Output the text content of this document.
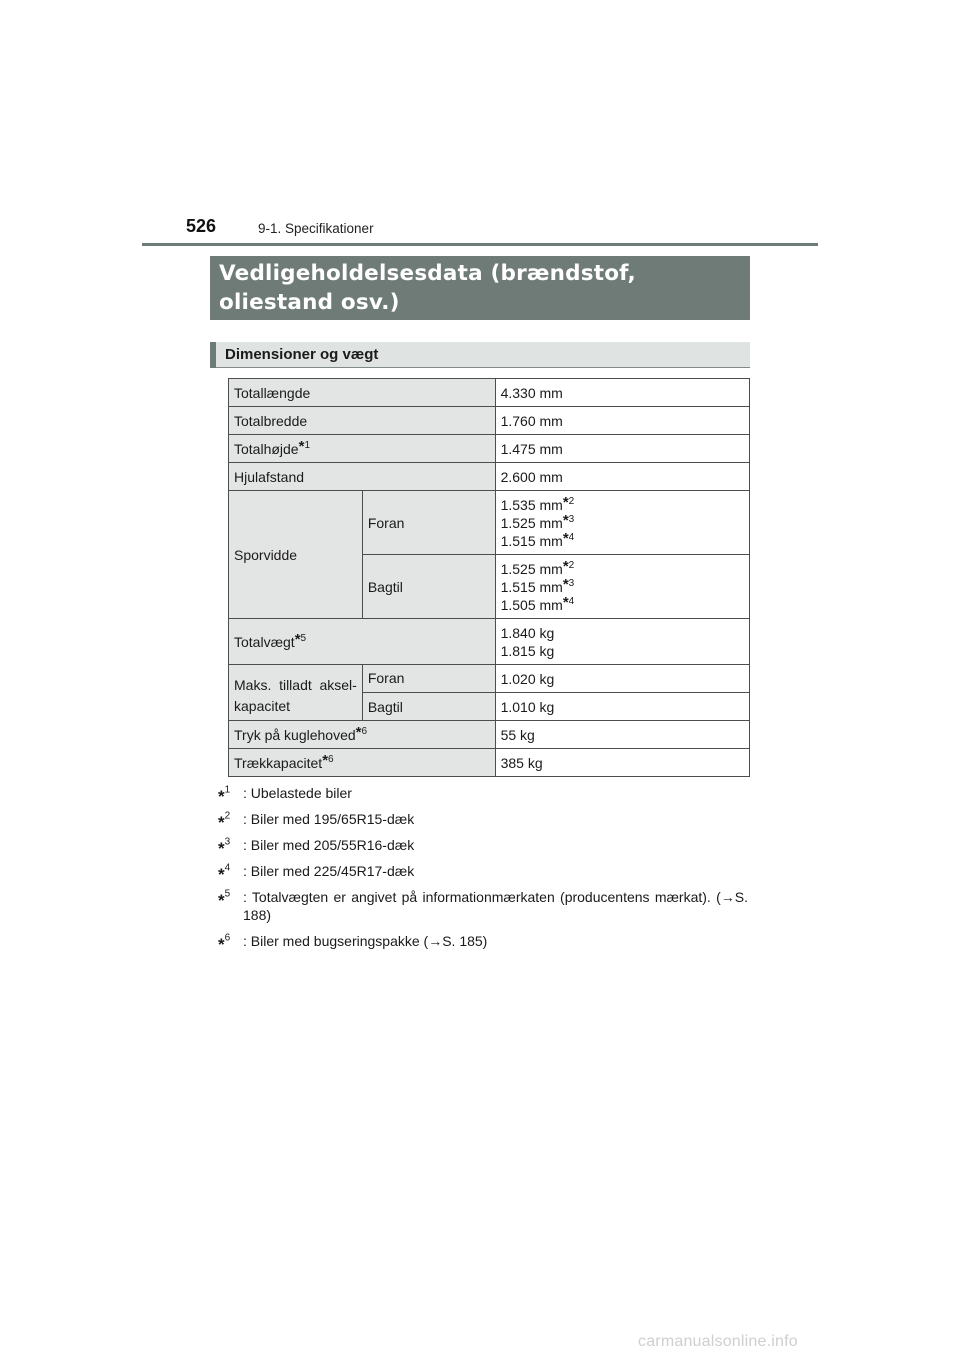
526	9-1. Specifikationer
Vedligeholdelsesdata (brændstof, oliestand osv.)
Dimensioner og vægt
Totallængde		4.330 mm
Totalbredde		1.760 mm
Totalhøjde$^{*1}$		1.475 mm
Hjulafstand		2.600 mm
Sporvidde	Foran	1.535 $mm^{*2}$
1.525 $mm^{*3}$
1.515 $mm^{*4}$

	Bagtil	1.525 $mm^{*2}$
1.515 $mm^{*3}$
1.505 $mm^{*4}$

Totalvægt$^{*5}$		1.840 kg
1.815 kg

Maks. tilladt aksel-
kapacitet	Foran	1.020 kg
	Bagtil	1.010 kg
Tryk på kuglehoved$^{*6}$		55 kg
Trækkapacitet$^{*6}$		385 kg
*$^1$ : Ubelastede biler
*$^2$ : Biler med 195/65R15-dæk
*$^3$ : Biler med 205/55R16-dæk
*$^4$ : Biler med 225/45R17-dæk
*$^5$ : Totalvægten er angivet på informationmærkaten (producentens mærkat). (→S. 188)
*$^6$ : Biler med bugseringspakke (→S. 185)
carmanualsonline.info
